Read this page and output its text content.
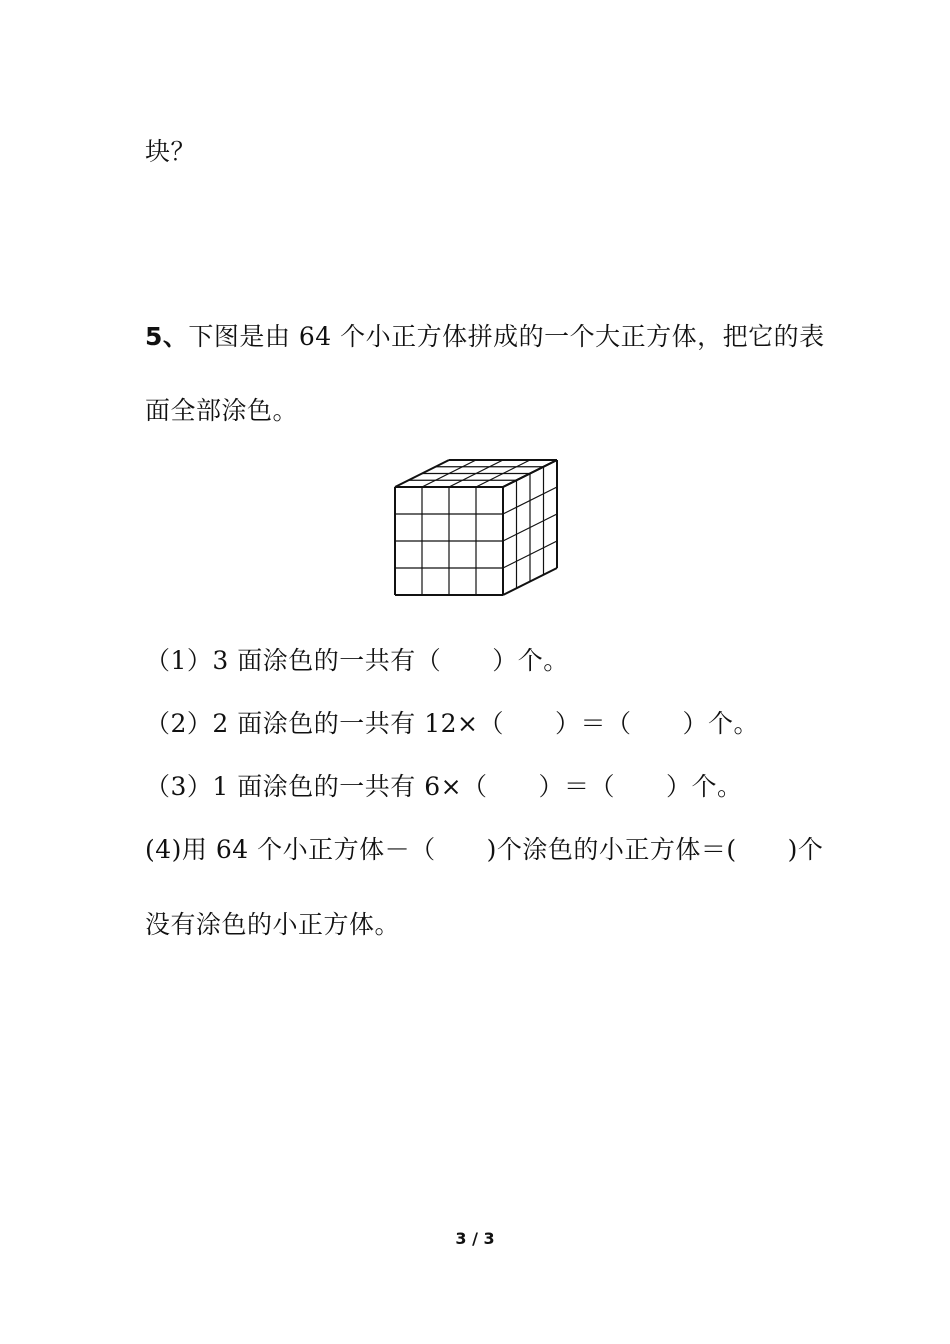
块？
5、下图是由 64 个小正方体拼成的一个大正方体，把它的表
面全部涂色。
（1）3 面涂色的一共有（　　）个。
（2）2 面涂色的一共有 12×（　　）＝（　　）个。
（3）1 面涂色的一共有 6×（　　）＝（　　）个。
(4)用 64 个小正方体－（　　)个涂色的小正方体＝(　　)个
没有涂色的小正方体。
3 / 3
